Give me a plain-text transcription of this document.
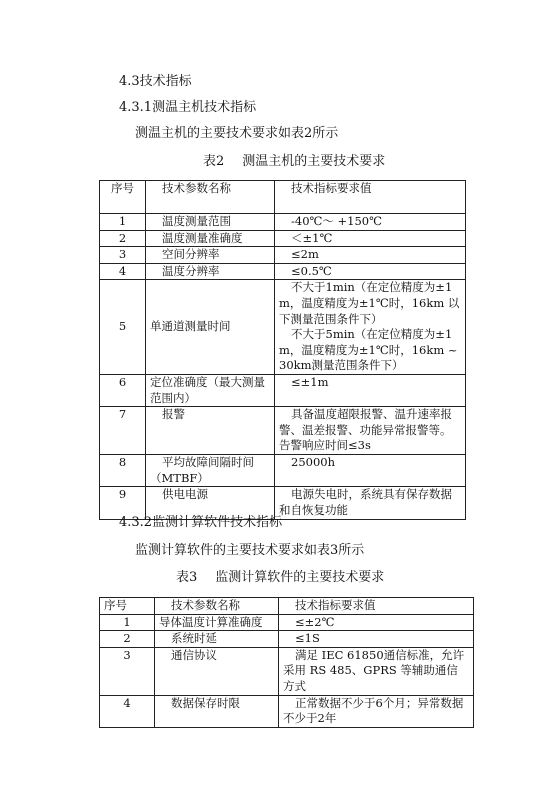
4.3技术指标
4.3.1测温主机技术指标
测温主机的主要技术要求如表2所示
表2 测温主机的主要技术要求
序号	技术参数名称	技术指标要求值
1	温度测量范围	-40℃～ +150℃
2	温度测量准确度	＜±1℃
3	空间分辨率	≤2m
4	温度分辨率	≤0.5℃
5	单通道测量时间	不大于1min（在定位精度为±1m，温度精度为±1℃时，16km 以下测量范围条件下）
不大于5min（在定位精度为±1m，温度精度为±1℃时，16km ~30km测量范围条件下）

6	定位准确度（最大测量范围内）	≤±1m
7	报警	具备温度超限报警、温升速率报警、温差报警、功能异常报警等。告警响应时间≤3s
8	平均故障间隔时间（MTBF）	25000h
9	供电电源	电源失电时，系统具有保存数据和自恢复功能
4.3.2监测计算软件技术指标
监测计算软件的主要技术要求如表3所示
表3 监测计算软件的主要技术要求
序号	技术参数名称	技术指标要求值
1	导体温度计算准确度	≤±2℃
2	系统时延	≤1S
3	通信协议	满足 IEC 61850通信标准，允许采用 RS 485、GPRS 等辅助通信方式
4	数据保存时限	正常数据不少于6个月；异常数据不少于2年
